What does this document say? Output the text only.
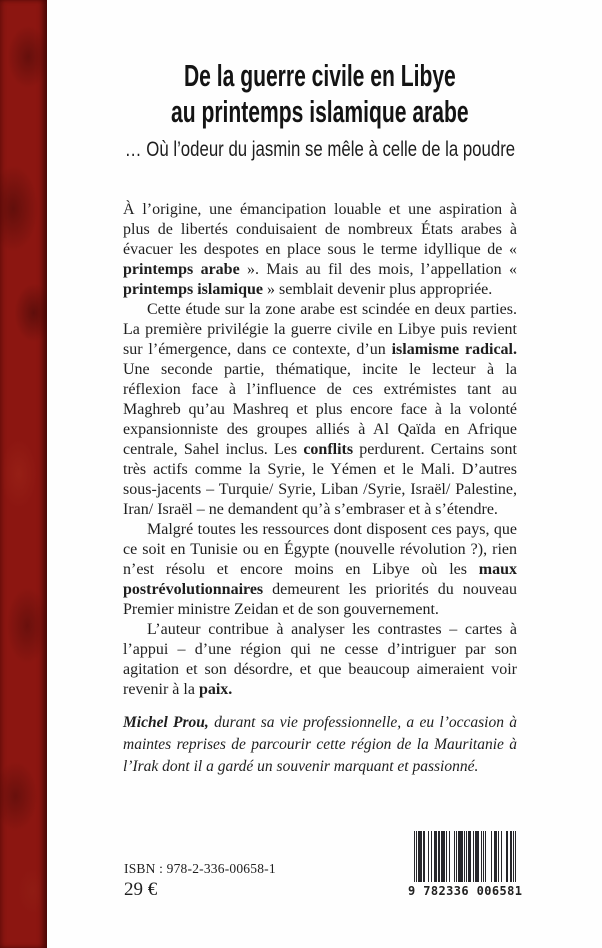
De la guerre civile en Libye
au printemps islamique arabe
… Où l’odeur du jasmin se mêle à celle de la poudre

À l’origine, une émancipation louable et une aspiration à plus de libertés conduisaient de nombreux États arabes à évacuer les despotes en place sous le terme idyllique de « printemps arabe ». Mais au fil des mois, l’appellation « printemps islamique » semblait devenir plus appropriée.

Cette étude sur la zone arabe est scindée en deux parties. La première privilégie la guerre civile en Libye puis revient sur l’émergence, dans ce contexte, d’un islamisme radical. Une seconde partie, thématique, incite le lecteur à la réflexion face à l’influence de ces extrémistes tant au Maghreb qu’au Mashreq et plus encore face à la volonté expansionniste des groupes alliés à Al Qaïda en Afrique centrale, Sahel inclus. Les conflits perdurent. Certains sont très actifs comme la Syrie, le Yémen et le Mali. D’autres sous-jacents – Turquie/ Syrie, Liban /Syrie, Israël/ Palestine, Iran/ Israël – ne demandent qu’à s’embraser et à s’étendre.

Malgré toutes les ressources dont disposent ces pays, que ce soit en Tunisie ou en Égypte (nouvelle révolution ?), rien n’est résolu et encore moins en Libye où les maux postrévolutionnaires demeurent les priorités du nouveau Premier ministre Zeidan et de son gouvernement.

L’auteur contribue à analyser les contrastes – cartes à l’appui – d’une région qui ne cesse d’intriguer par son agitation et son désordre, et que beaucoup aimeraient voir revenir à la paix.

Michel Prou, durant sa vie professionnelle, a eu l’occasion à maintes reprises de parcourir cette région de la Mauritanie à l’Irak dont il a gardé un souvenir marquant et passionné.
ISBN : 978-2-336-00658-1
29 €	9 782336 006581
